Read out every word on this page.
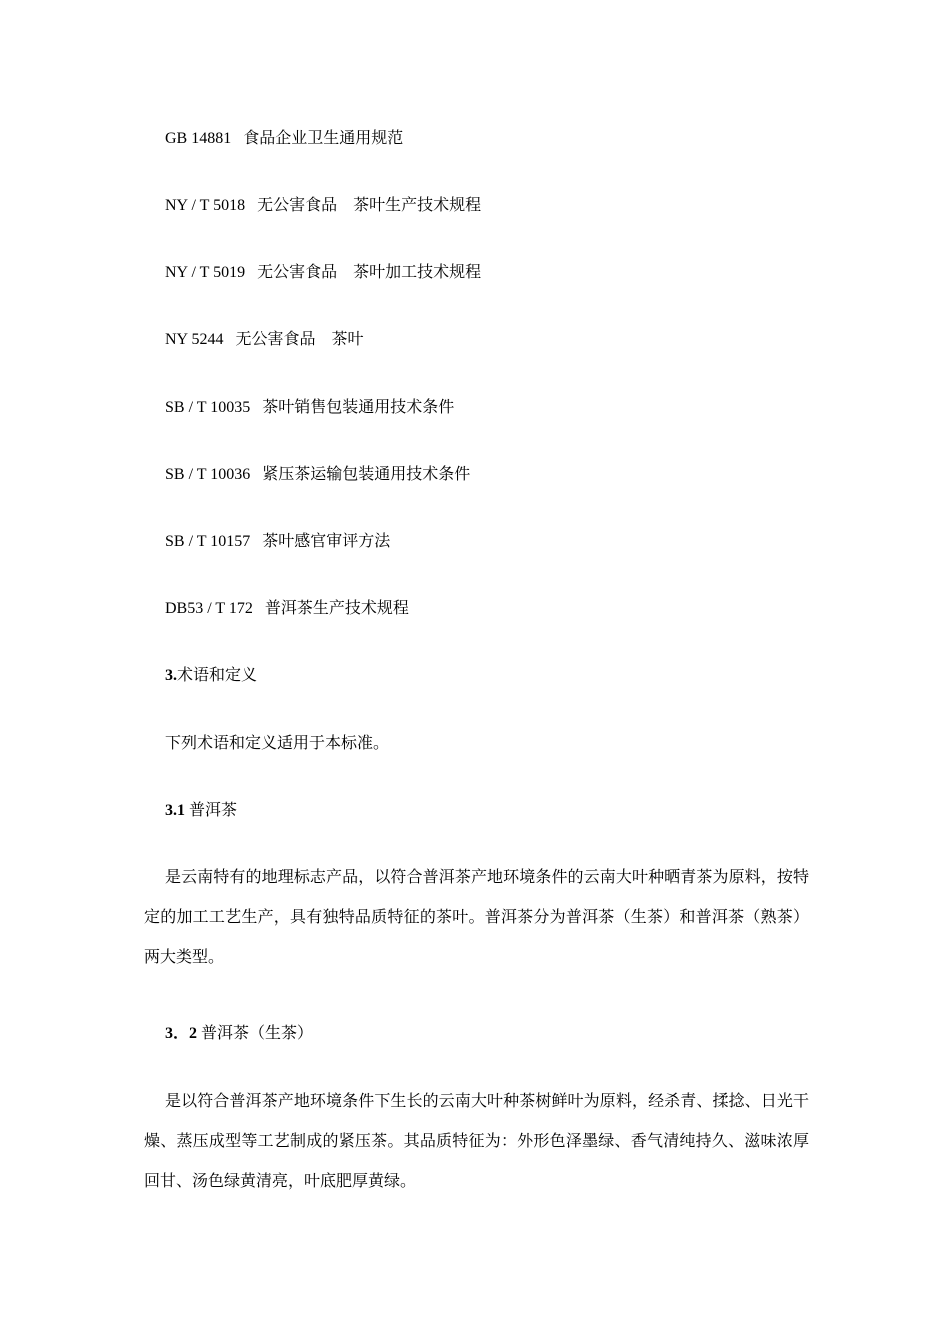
GB 14881 食品企业卫生通用规范
NY / T 5018 无公害食品　茶叶生产技术规程
NY / T 5019 无公害食品　茶叶加工技术规程
NY 5244 无公害食品　茶叶
SB / T 10035 茶叶销售包装通用技术条件
SB / T 10036 紧压茶运输包装通用技术条件
SB / T 10157 茶叶感官审评方法
DB53 / T 172 普洱茶生产技术规程
3.术语和定义
下列术语和定义适用于本标准。
3.1 普洱茶
是云南特有的地理标志产品，以符合普洱茶产地环境条件的云南大叶种晒青茶为原料，按特定的加工工艺生产，具有独特品质特征的茶叶。普洱茶分为普洱茶（生茶）和普洱茶（熟茶）两大类型。
3．2 普洱茶（生茶）
是以符合普洱茶产地环境条件下生长的云南大叶种茶树鲜叶为原料，经杀青、揉捻、日光干燥、蒸压成型等工艺制成的紧压茶。其品质特征为：外形色泽墨绿、香气清纯持久、滋味浓厚回甘、汤色绿黄清亮，叶底肥厚黄绿。
